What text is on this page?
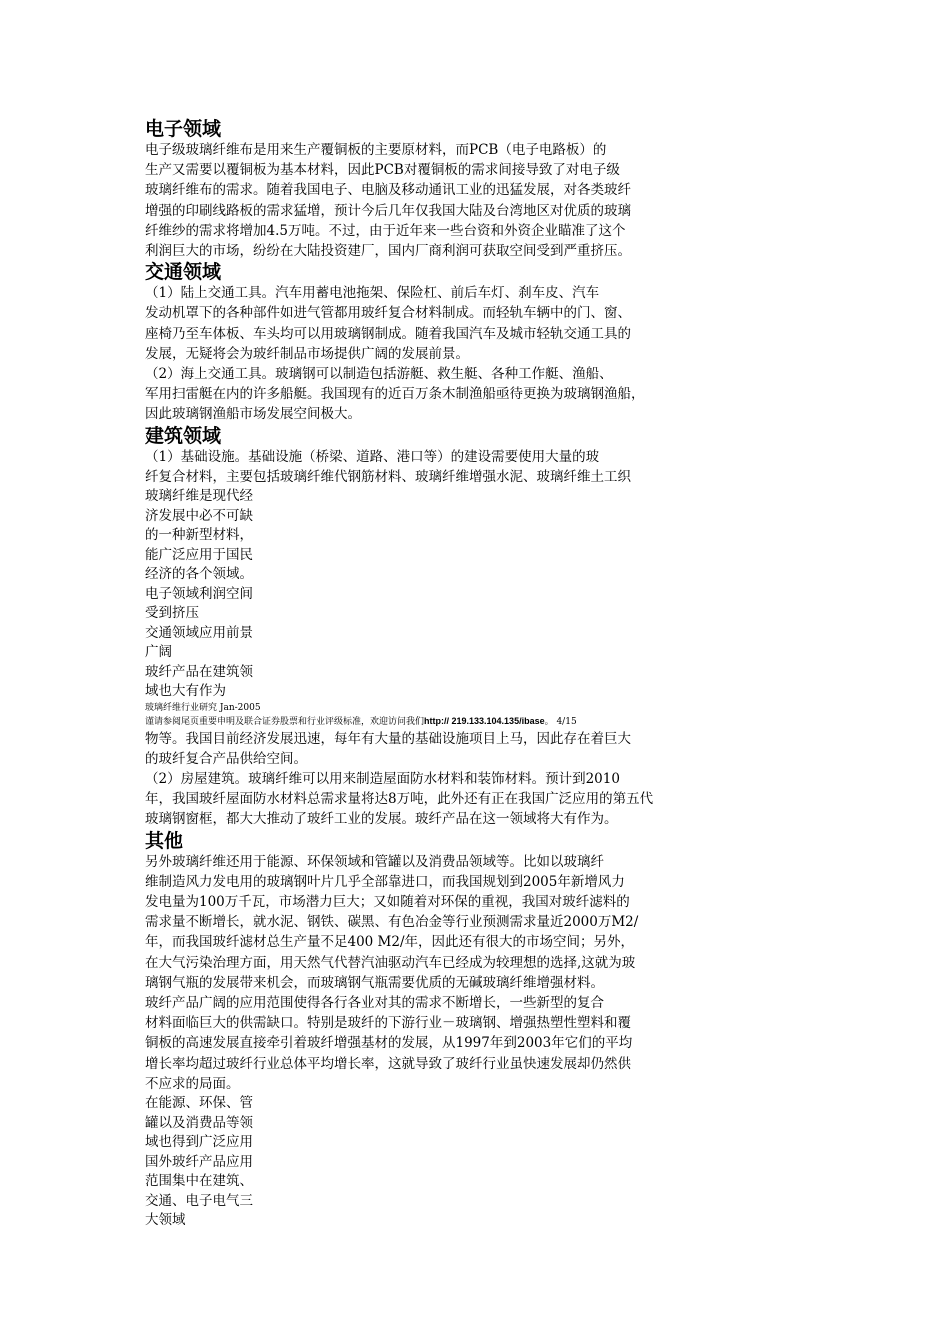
电子领域

电子级玻璃纤维布是用来生产覆铜板的主要原材料，而PCB（电子电路板）的

生产又需要以覆铜板为基本材料，因此PCB对覆铜板的需求间接导致了对电子级

玻璃纤维布的需求。随着我国电子、电脑及移动通讯工业的迅猛发展，对各类玻纤

增强的印刷线路板的需求猛增，预计今后几年仅我国大陆及台湾地区对优质的玻璃

纤维纱的需求将增加4.5万吨。不过，由于近年来一些台资和外资企业瞄准了这个

利润巨大的市场，纷纷在大陆投资建厂，国内厂商利润可获取空间受到严重挤压。

交通领域

（1）陆上交通工具。汽车用蓄电池拖架、保险杠、前后车灯、刹车皮、汽车

发动机罩下的各种部件如进气管都用玻纤复合材料制成。而轻轨车辆中的门、窗、

座椅乃至车体板、车头均可以用玻璃钢制成。随着我国汽车及城市轻轨交通工具的

发展，无疑将会为玻纤制品市场提供广阔的发展前景。

（2）海上交通工具。玻璃钢可以制造包括游艇、救生艇、各种工作艇、渔船、

军用扫雷艇在内的许多船艇。我国现有的近百万条木制渔船亟待更换为玻璃钢渔船，

因此玻璃钢渔船市场发展空间极大。

建筑领域

（1）基础设施。基础设施（桥梁、道路、港口等）的建设需要使用大量的玻

纤复合材料，主要包括玻璃纤维代钢筋材料、玻璃纤维增强水泥、玻璃纤维土工织

玻璃纤维是现代经

济发展中必不可缺

的一种新型材料，

能广泛应用于国民

经济的各个领域。

电子领域利润空间

受到挤压

交通领域应用前景

广阔

玻纤产品在建筑领

域也大有作为

玻璃纤维行业研究 Jan-2005

谨请参阅尾页重要申明及联合证券股票和行业评级标准，欢迎访问我们http:// 219.133.104.135/ibase。 4/15

物等。我国目前经济发展迅速，每年有大量的基础设施项目上马，因此存在着巨大

的玻纤复合产品供给空间。

（2）房屋建筑。玻璃纤维可以用来制造屋面防水材料和装饰材料。预计到2010

年，我国玻纤屋面防水材料总需求量将达8万吨，此外还有正在我国广泛应用的第五代

玻璃钢窗框，都大大推动了玻纤工业的发展。玻纤产品在这一领域将大有作为。

其他

另外玻璃纤维还用于能源、环保领域和管罐以及消费品领域等。比如以玻璃纤

维制造风力发电用的玻璃钢叶片几乎全部靠进口，而我国规划到2005年新增风力

发电量为100万千瓦，市场潜力巨大；又如随着对环保的重视，我国对玻纤滤料的

需求量不断增长，就水泥、钢铁、碳黑、有色冶金等行业预测需求量近2000万M2/

年，而我国玻纤滤材总生产量不足400 M2/年，因此还有很大的市场空间；另外，

在大气污染治理方面，用天然气代替汽油驱动汽车已经成为较理想的选择,这就为玻

璃钢气瓶的发展带来机会，而玻璃钢气瓶需要优质的无碱玻璃纤维增强材料。

玻纤产品广阔的应用范围使得各行各业对其的需求不断增长，一些新型的复合

材料面临巨大的供需缺口。特别是玻纤的下游行业－玻璃钢、增强热塑性塑料和覆

铜板的高速发展直接牵引着玻纤增强基材的发展，从1997年到2003年它们的平均

增长率均超过玻纤行业总体平均增长率，这就导致了玻纤行业虽快速发展却仍然供

不应求的局面。

在能源、环保、管

罐以及消费品等领

域也得到广泛应用

国外玻纤产品应用

范围集中在建筑、

交通、电子电气三

大领域
